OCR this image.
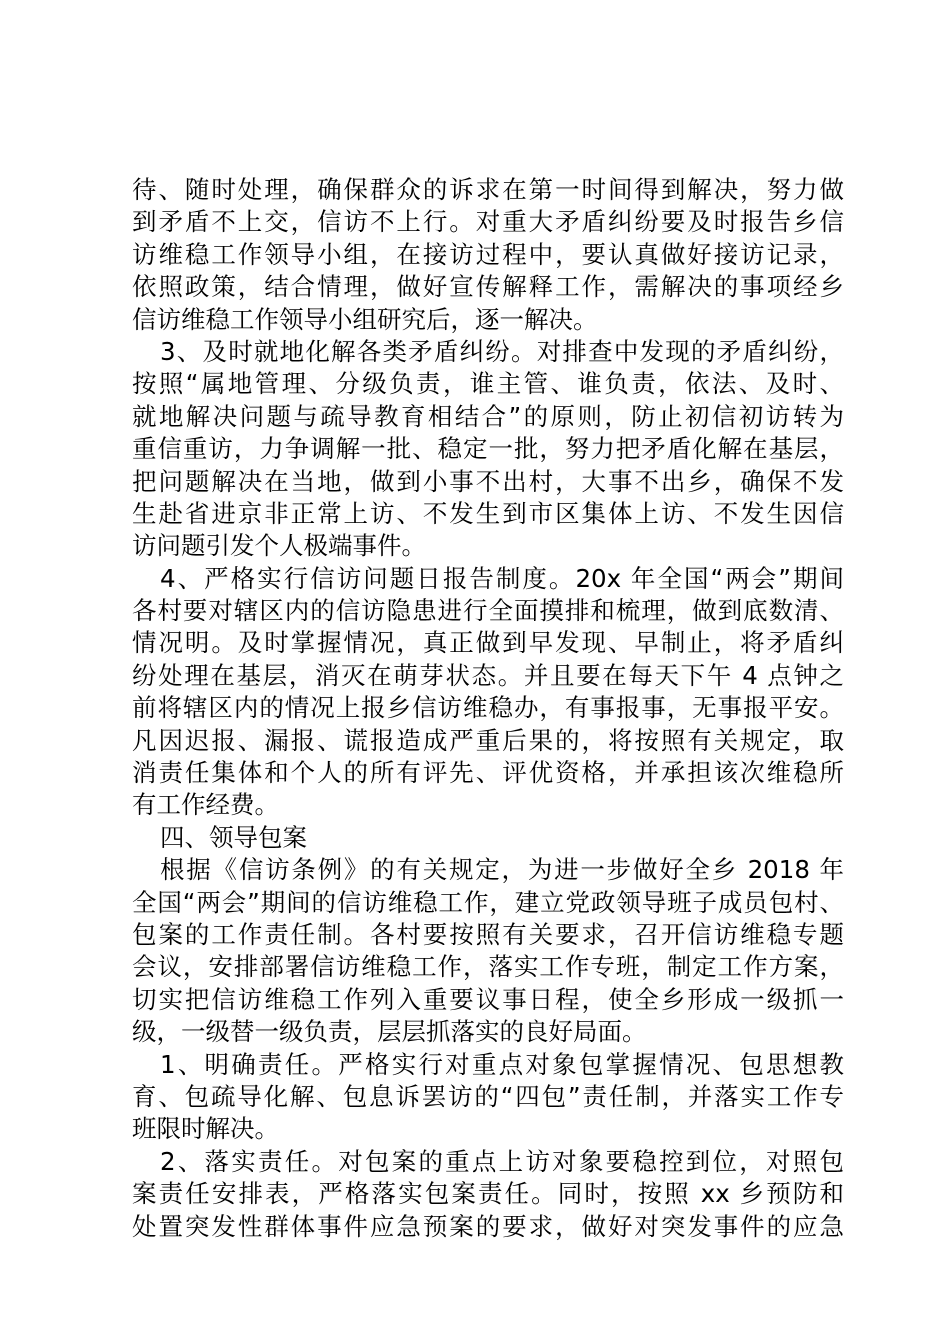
待、随时处理，确保群众的诉求在第一时间得到解决，努力做
到矛盾不上交，信访不上行。对重大矛盾纠纷要及时报告乡信
访维稳工作领导小组，在接访过程中，要认真做好接访记录，
依照政策，结合情理，做好宣传解释工作，需解决的事项经乡
信访维稳工作领导小组研究后，逐一解决。
3、及时就地化解各类矛盾纠纷。对排查中发现的矛盾纠纷，
按照“属地管理、分级负责，谁主管、谁负责，依法、及时、
就地解决问题与疏导教育相结合”的原则，防止初信初访转为
重信重访，力争调解一批、稳定一批，努力把矛盾化解在基层，
把问题解决在当地，做到小事不出村，大事不出乡，确保不发
生赴省进京非正常上访、不发生到市区集体上访、不发生因信
访问题引发个人极端事件。
4、严格实行信访问题日报告制度。20x 年全国“两会”期间
各村要对辖区内的信访隐患进行全面摸排和梳理，做到底数清、
情况明。及时掌握情况，真正做到早发现、早制止，将矛盾纠
纷处理在基层，消灭在萌芽状态。并且要在每天下午 4 点钟之
前将辖区内的情况上报乡信访维稳办，有事报事，无事报平安。
凡因迟报、漏报、谎报造成严重后果的，将按照有关规定，取
消责任集体和个人的所有评先、评优资格，并承担该次维稳所
有工作经费。
四、领导包案
根据《信访条例》的有关规定，为进一步做好全乡 2018 年
全国“两会”期间的信访维稳工作，建立党政领导班子成员包村、
包案的工作责任制。各村要按照有关要求，召开信访维稳专题
会议，安排部署信访维稳工作，落实工作专班，制定工作方案，
切实把信访维稳工作列入重要议事日程，使全乡形成一级抓一
级，一级替一级负责，层层抓落实的良好局面。
1、明确责任。严格实行对重点对象包掌握情况、包思想教
育、包疏导化解、包息诉罢访的“四包”责任制，并落实工作专
班限时解决。
2、落实责任。对包案的重点上访对象要稳控到位，对照包
案责任安排表，严格落实包案责任。同时，按照 xx 乡预防和
处置突发性群体事件应急预案的要求，做好对突发事件的应急
